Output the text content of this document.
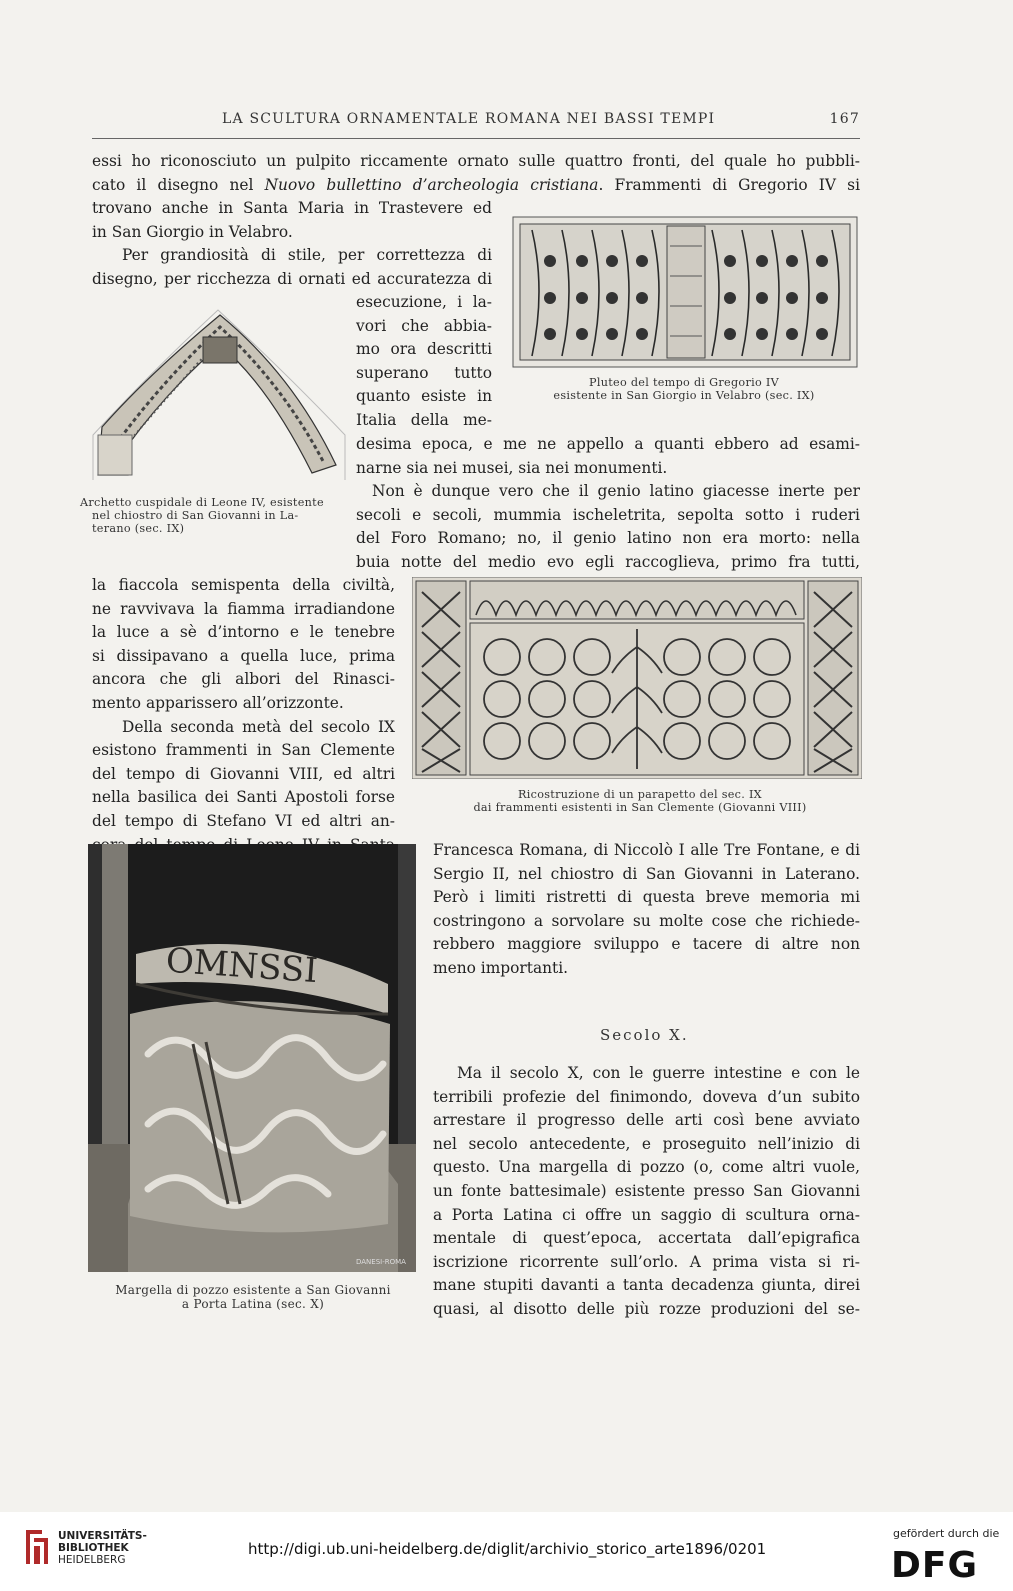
LA SCULTURA ORNAMENTALE ROMANA NEI BASSI TEMPI	167
essi ho riconosciuto un pulpito riccamente ornato sulle quattro fronti, del quale ho pubbli-
cato il disegno nel Nuovo bullettino d’archeologia cristiana. Frammenti di Gregorio IV si
trovano anche in Santa Maria in Trastevere ed
in San Giorgio in Velabro.
Per grandiosità di stile, per correttezza di
disegno, per ricchezza di ornati ed accuratezza di
esecuzione, i la-
vori che abbia-
mo ora descritti
superano tutto
quanto esiste in
Italia della me-
desima epoca, e me ne appello a quanti ebbero ad esami-
narne sia nei musei, sia nei monumenti.
Non è dunque vero che il genio latino giacesse inerte per
secoli e secoli, mummia ischeletrita, sepolta sotto i ruderi
del Foro Romano; no, il genio latino non era morto: nella
buia notte del medio evo egli raccoglieva, primo fra tutti,
la fiaccola semispenta della civiltà,
ne ravvivava la fiamma irradiandone
la luce a sè d’intorno e le tenebre
si dissipavano a quella luce, prima
ancora che gli albori del Rinasci-
mento apparissero all’orizzonte.
Della seconda metà del secolo IX
esistono frammenti in San Clemente
del tempo di Giovanni VIII, ed altri
nella basilica dei Santi Apostoli forse
del tempo di Stefano VI ed altri an-
Francesca Romana, di Niccolò I alle Tre Fontane, e di
Sergio II, nel chiostro di San Giovanni in Laterano.
Però i limiti ristretti di questa breve memoria mi
costringono a sorvolare su molte cose che richiede-
rebbero maggiore sviluppo e tacere di altre non
meno importanti.
Secolo X.
Ma il secolo X, con le guerre intestine e con le
terribili profezie del finimondo, doveva d’un subito
arrestare il progresso delle arti così bene avviato
nel secolo antecedente, e proseguito nell’inizio di
questo. Una margella di pozzo (o, come altri vuole,
un fonte battesimale) esistente presso San Giovanni
a Porta Latina ci offre un saggio di scultura orna-
mentale di quest’epoca, accertata dall’epigrafica
iscrizione ricorrente sull’orlo. A prima vista si ri-
mane stupiti davanti a tanta decadenza giunta, direi
quasi, al disotto delle più rozze produzioni del se-
Pluteo del tempo di Gregorio IV
esistente in San Giorgio in Velabro (sec. IX)
Archetto cuspidale di Leone IV, esistente
nel chiostro di San Giovanni in La-
terano (sec. IX)
Ricostruzione di un parapetto del sec. IX
dai frammenti esistenti in San Clemente (Giovanni VIII)
OMNSSI
DANESI-ROMA
Margella di pozzo esistente a San Giovanni
a Porta Latina (sec. X)
UNIVERSITÄTS-
BIBLIOTHEK
HEIDELBERG
http://digi.ub.uni-heidelberg.de/diglit/archivio_storico_arte1896/0201
gefördert durch die
DFG
